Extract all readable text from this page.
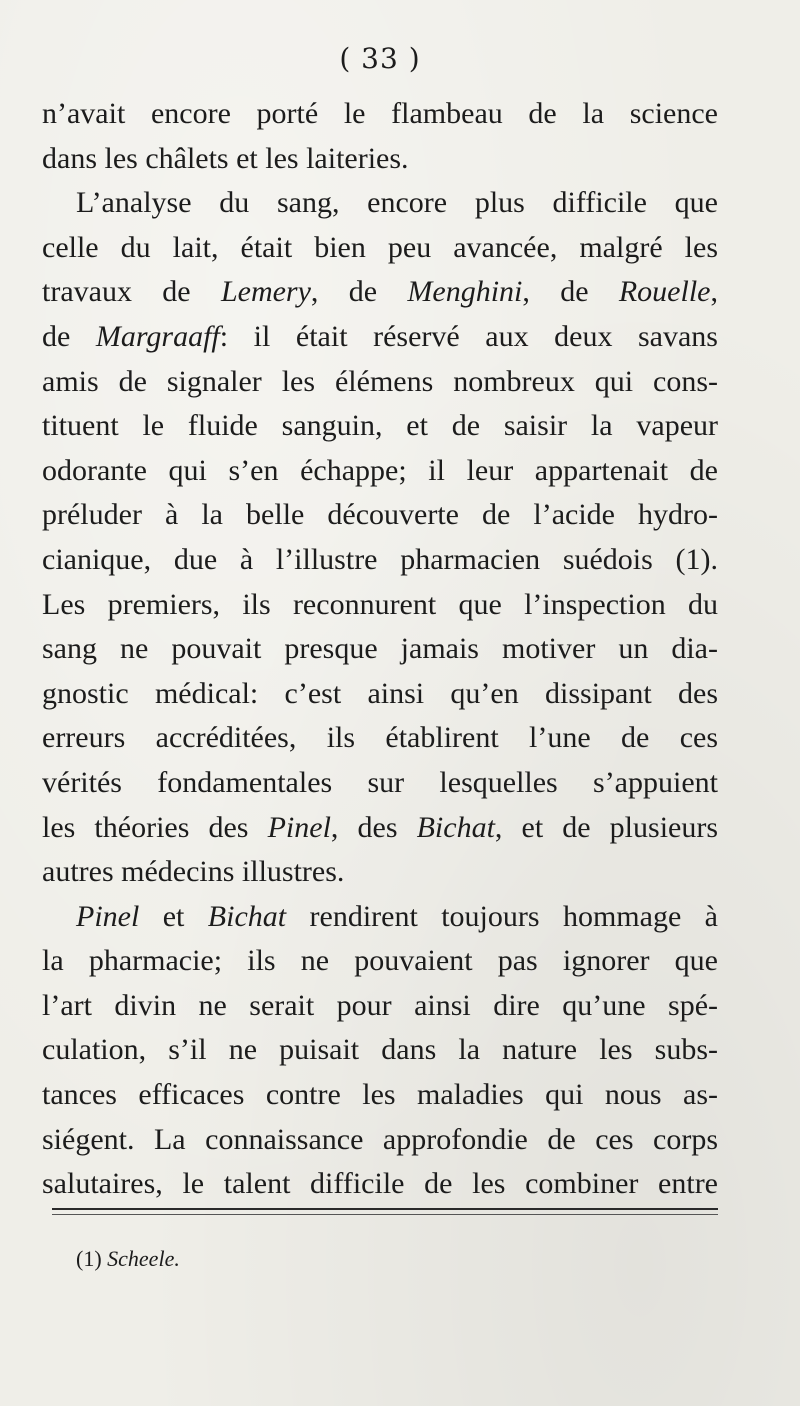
( 33 )
n’avait encore porté le flambeau de la science
dans les châlets et les laiteries.
L’analyse du sang, encore plus difficile que
celle du lait, était bien peu avancée, malgré les
travaux de Lemery, de Menghini, de Rouelle,
de Margraaff: il était réservé aux deux savans
amis de signaler les élémens nombreux qui cons-
tituent le fluide sanguin, et de saisir la vapeur
odorante qui s’en échappe; il leur appartenait de
préluder à la belle découverte de l’acide hydro-
cianique, due à l’illustre pharmacien suédois (1).
Les premiers, ils reconnurent que l’inspection du
sang ne pouvait presque jamais motiver un dia-
gnostic médical: c’est ainsi qu’en dissipant des
erreurs accréditées, ils établirent l’une de ces
vérités fondamentales sur lesquelles s’appuient
les théories des Pinel, des Bichat, et de plusieurs
autres médecins illustres.
Pinel et Bichat rendirent toujours hommage à
la pharmacie; ils ne pouvaient pas ignorer que
l’art divin ne serait pour ainsi dire qu’une spé-
culation, s’il ne puisait dans la nature les subs-
tances efficaces contre les maladies qui nous as-
siégent. La connaissance approfondie de ces corps
salutaires, le talent difficile de les combiner entre
(1) Scheele.
